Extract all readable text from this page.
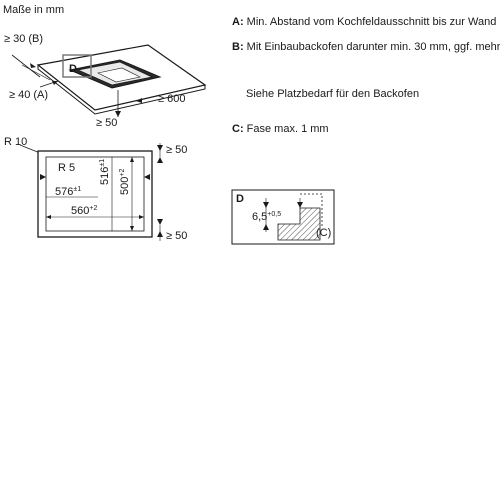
Maße in mm
D
≥ 30 (B)
≥ 40 (A)
≥ 50
≥ 600
R 10
R 5
$576^{\pm 1}$
$560^{+2}$
$516^{\pm 1}$
$500^{+2}$
≥ 50
≥ 50
D
$6,5^{+0,5}$
(C)
A: Min. Abstand vom Kochfeldausschnitt bis zur Wand
B: Mit Einbaubackofen darunter min. 30 mm, ggf. mehr
Siehe Platzbedarf für den Backofen
C: Fase max. 1 mm
